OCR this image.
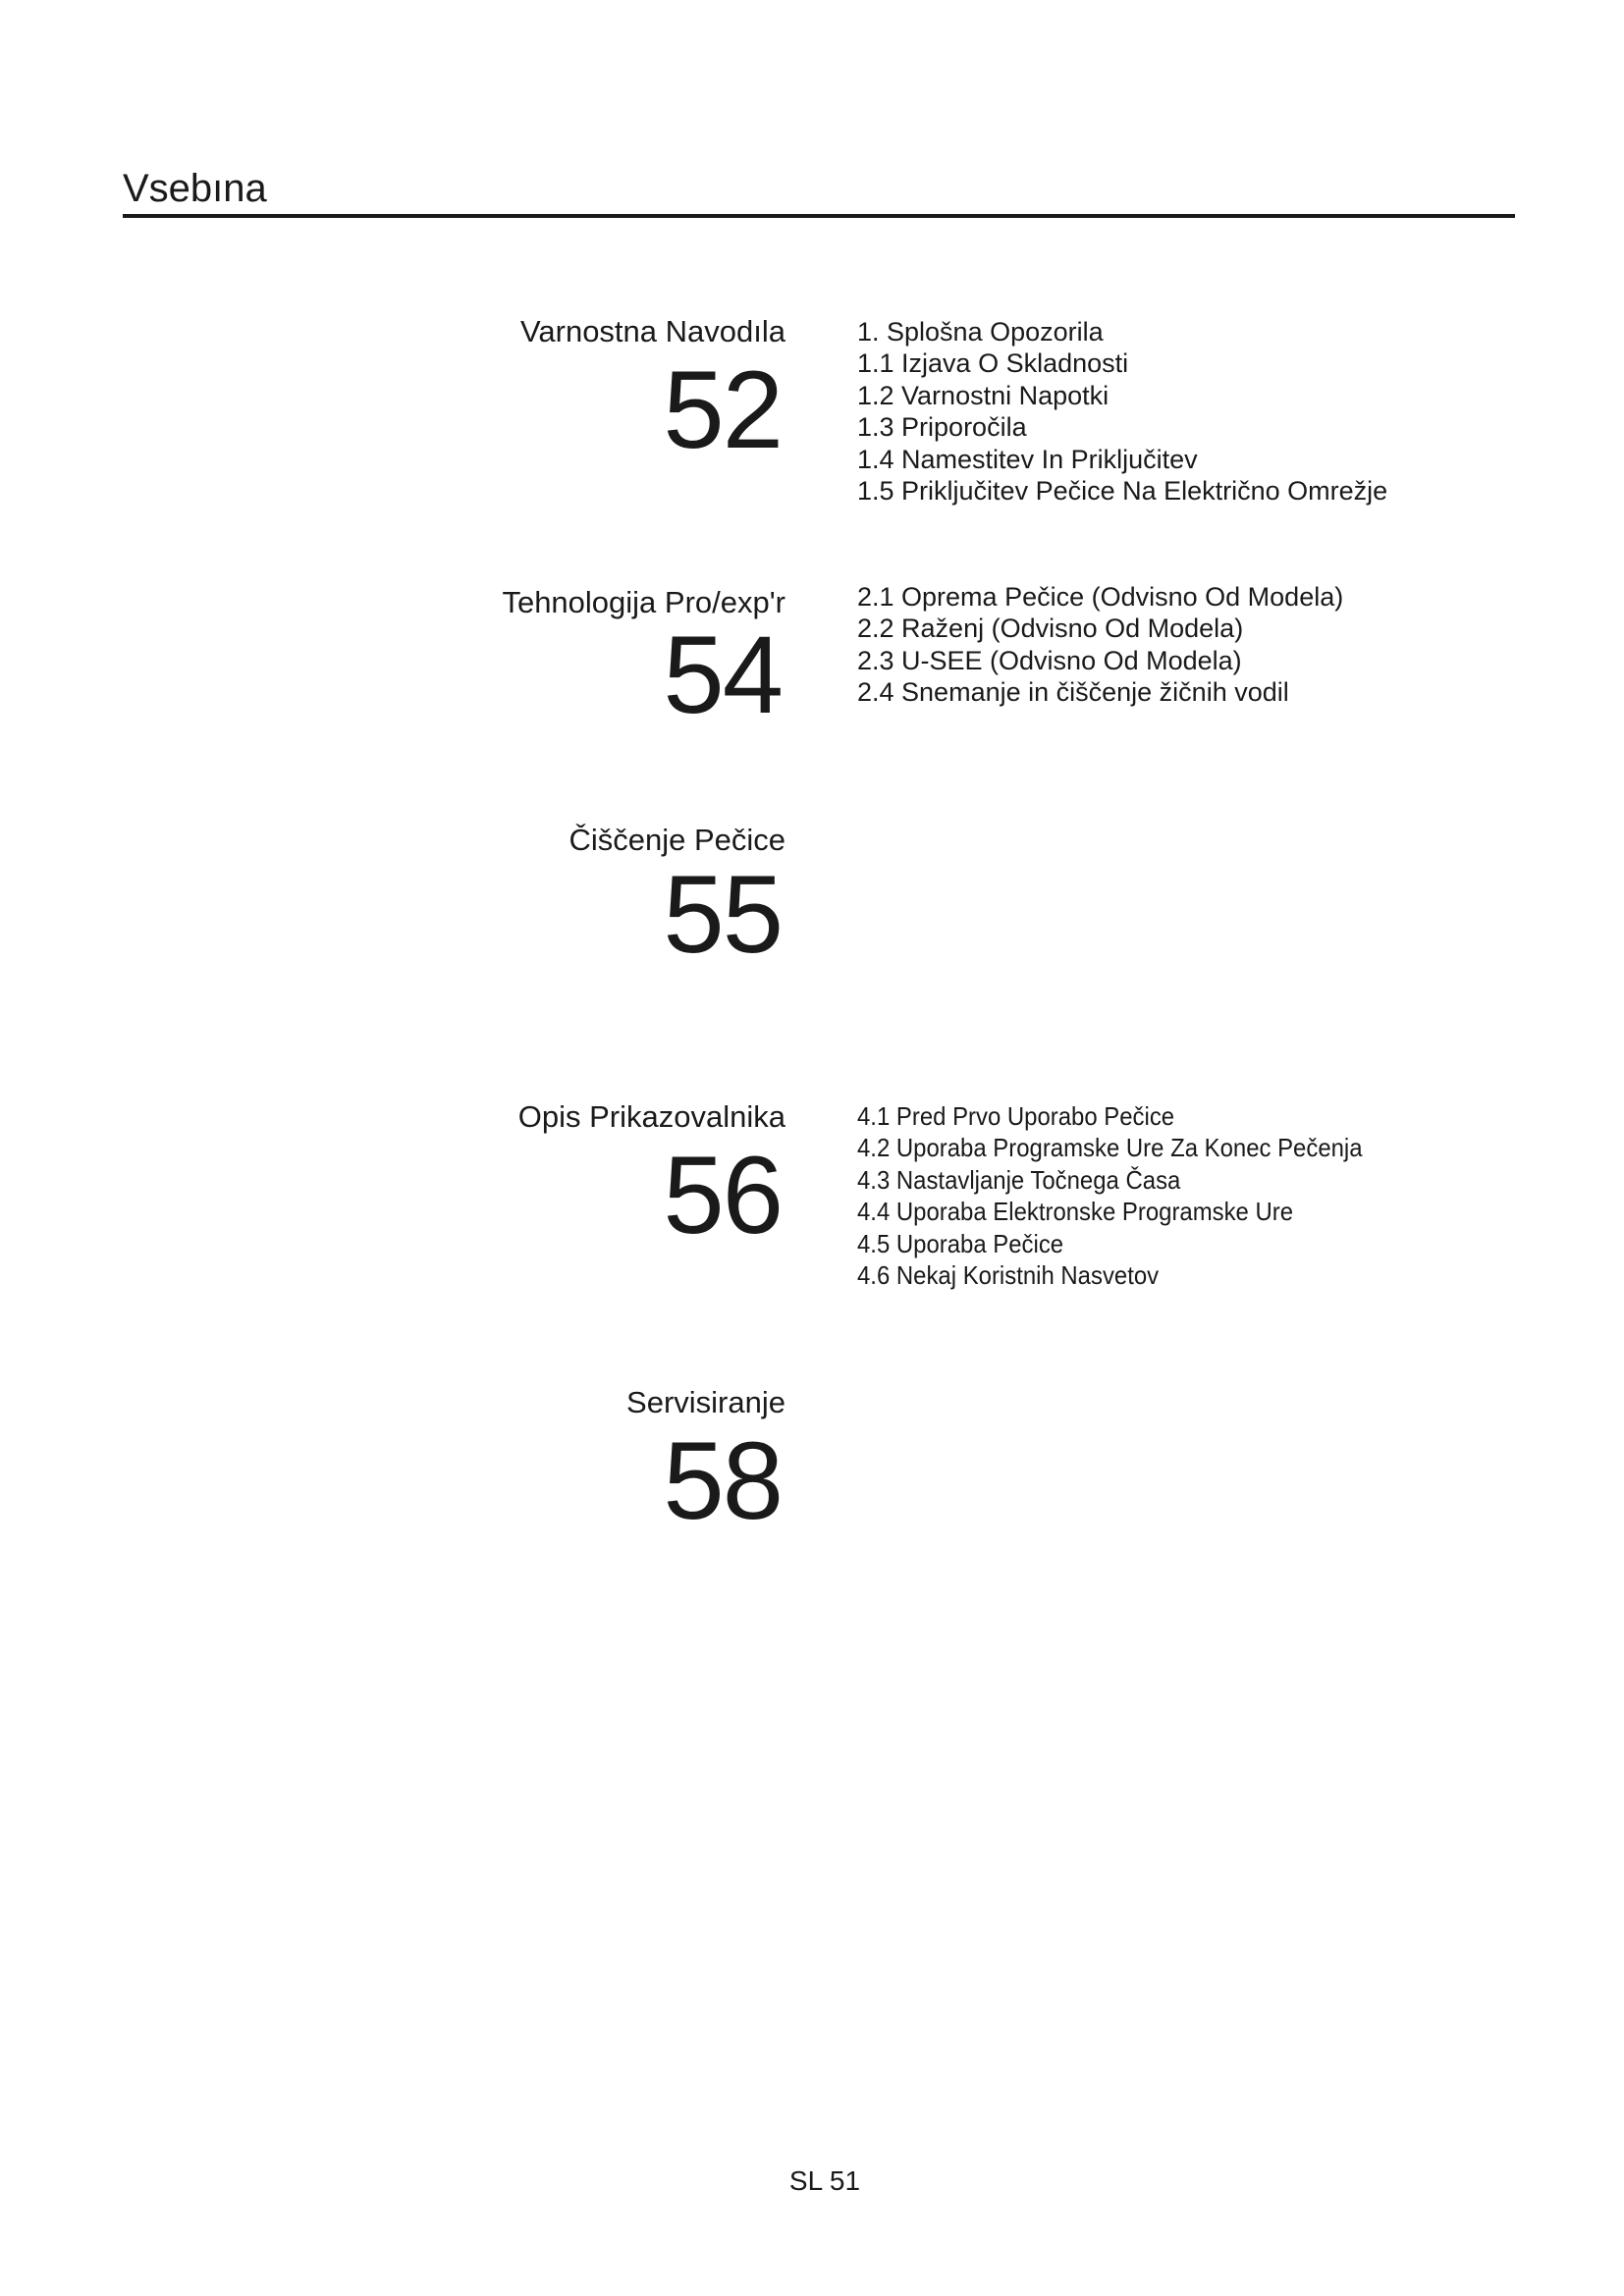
Vsebına
Varnostna Navodıla
52
1. Splošna Opozorila
1.1 Izjava O Skladnosti
1.2 Varnostni Napotki
1.3 Priporočila
1.4 Namestitev In Priključitev
1.5 Priključitev Pečice Na Električno Omrežje
Tehnologija Pro/exp'r
54
2.1 Oprema Pečice (Odvisno Od Modela)
2.2 Raženj (Odvisno Od Modela)
2.3 U-SEE (Odvisno Od Modela)
2.4 Snemanje in čiščenje žičnih vodil
Čiščenje Pečice
55
Opis Prikazovalnika
56
4.1 Pred Prvo Uporabo Pečice
4.2 Uporaba Programske Ure Za Konec Pečenja
4.3 Nastavljanje Točnega Časa
4.4 Uporaba Elektronske Programske Ure
4.5 Uporaba Pečice
4.6 Nekaj Koristnih Nasvetov
Servisiranje
58
SL 51
